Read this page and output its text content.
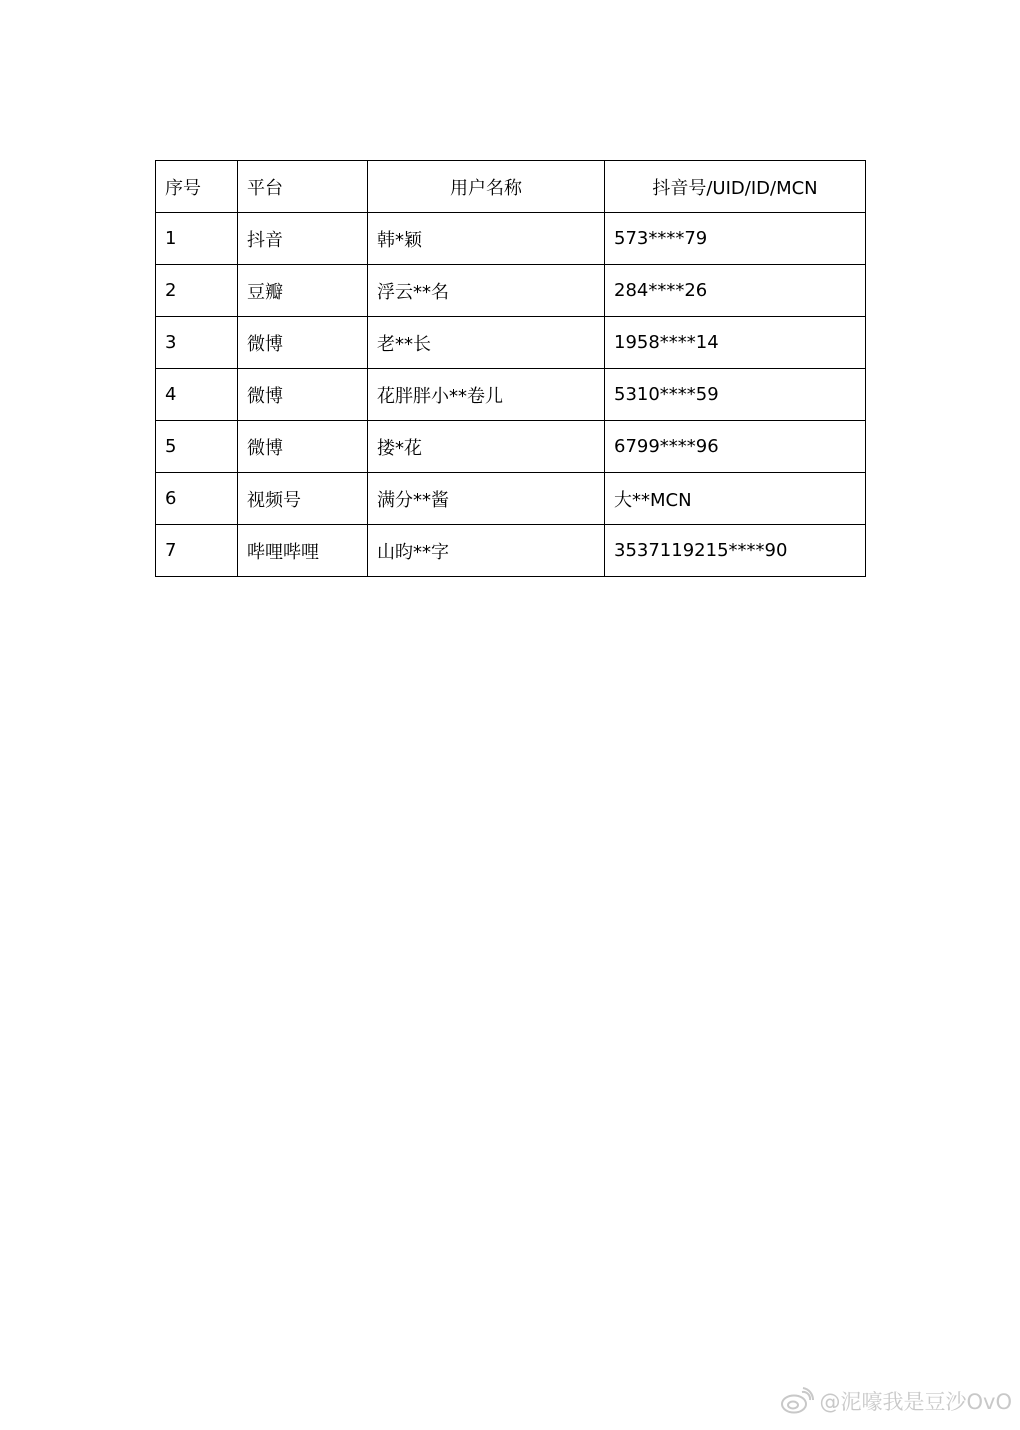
序号	平台	用户名称	抖音号/UID/ID/MCN
1	抖音	韩*颖	573****79
2	豆瓣	浮云**名	284****26
3	微博	老**长	1958****14
4	微博	花胖胖小**卷儿	5310****59
5	微博	搂*花	6799****96
6	视频号	满分**酱	大**MCN
7	哔哩哔哩	山昀**字	3537119215****90
@泥嚎我是豆沙OvO
